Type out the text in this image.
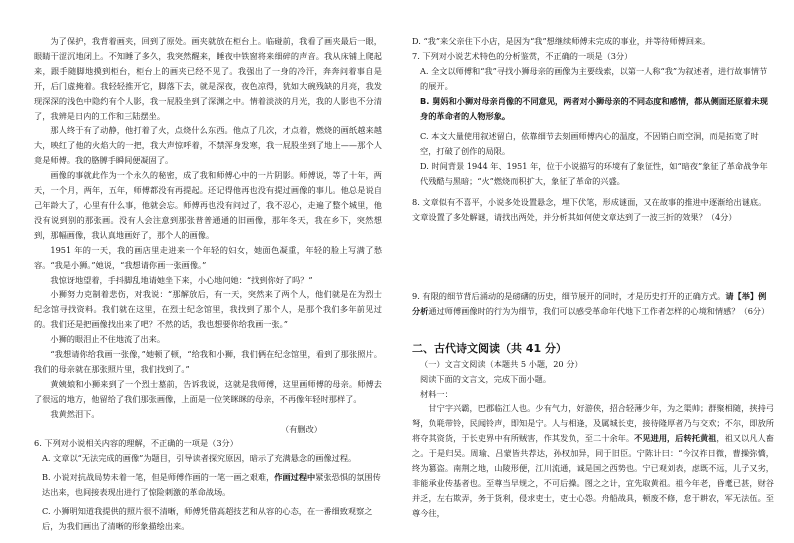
为了保护，我背着画夹，回到了原处。画夹就放在柜台上。临碰前，我看了画夹最后一眼，眼睛干涩沉地闭上。不知睡了多久，我突然醒来，睡夜中铁窗将来细碎的声音。我从床铺上爬起来，跟手随脚地摸到柜台，柜台上的画夹已经不见了。我强出了一身的冷汗，奔奔问着事自是开，后门虚掩着。我轻轻推开它，脚落下去，就是深夜，夜色凉得，犹如大碗残缺的月亮，我发现深深的浅色中隐约有个人影，我一屁股坐到了深渊之中。情着淡淡的月光，我的人影也不分清了，我辨是日内的工作和三陆摆坐。

那人终于有了动静，他打着了火，点烧什么东西。他点了几次，才点着，燃烧的画纸越来越大，映红了他的火焰大的一把，我大声惊呼着，不禁浑身发寒，我一屁股坐到了地上——那个人竟是师傅。我的胳膊手瞬间便凝固了。

画像的事就此作为一个永久的秘密，成了我和师傅心中的一片阴影。师傅说，等了十年，两天，一个月，两年，五年，师傅都没有再提起。还记得他再也没有提过画像的事儿。他总是说自己年龄大了，心里有什么事，他就会忘。师傅再也没有问过了，我不忍心，走遍了整个城里，他没有说到别的那张画。没有人会注意到那张普普通通的旧画像，那年冬天，我在乡下，突然想到，那幅画像，我认真地画好了，那个人的画像。

1951 年的一天，我的画店里走进来一个年轻的妇女，她面色凝重，年轻的脸上写满了愁容。“我是小狮。”她说，“我想请你画一张画像。”

我惊讶地望着，手抖脚乱地请她坐下来，小心地问她：“找到你好了吗？”

小狮努力克制着悲伤，对我说：“那解放后，有一天，突然来了两个人，他们就是在为烈士纪念馆寻找资料。我们就在这里，在烈士纪念馆里，我找到了那个人，是那个我们多年前见过的。我们还是把画像找出来了吧？不然的话，我也想要你给我画一张。”

小狮的眼泪止不住地流了出来。

“我想请你给我画一张像，”她顿了顿，“给我和小狮，我们俩在纪念馆里，看到了那张照片。我们的母亲就在那张照片里，我们找到了。”

黄姨娘和小狮来到了一个烈士墓前，告诉我说，这就是我师傅，这里画师傅的母亲。师傅去了很远的地方，他留给了我们那张画像，上面是一位笑眯眯的母亲，不再像年轻时那样了。

我黄然泪下。

（有删改）

6. 下列对小说相关内容的理解，不正确的一项是（3分）

A. 文章以“无法完成的画像”为题目，引导读者探究原因，暗示了充满悬念的画像过程。

B. 小说对抗战局势未着一笔，但是师傅作画的一笔一画之艰难，作画过程中紧张恐惧的氛围传达出来，也间接表现出进行了惊险刺激的革命战场。

C. 小狮明知道我提供的照片很不清晰，师傅凭借高超技艺和从容的心态，在一番细致观察之后，为我们画出了清晰的形象描绘出来。

D. “我”来父亲住下小店，是因为“我”想继续师傅未完成的事业，并等待师傅回来。

7. 下列对小说艺术特色的分析鉴赏，不正确的一项是（3分）

A. 全文以师傅和“我”寻找小狮母亲的画像为主要线索，以第一人称“我”为叙述者，进行故事情节的展开。

B. 舅妈和小狮对母亲肖像的不同意见，两者对小狮母亲的不同态度和感情，都从侧面还原着未现身的革命者的人物形象。

C. 本文大量使用叙述留白，依靠细节去刻画师傅内心的温度，不因销白而空洞，而是拓宽了时空，打破了创作的局限。

D. 时间背景 1944 年、1951 年，位于小说描写的环境有了象征性，如“暗夜”象征了革命战争年代残酷与黑暗；“火”燃烧而积扩大，象征了革命的兴盛。

8. 文章似有不喜平，小说多处设置悬念，埋下伏笔，形成谜面，又在故事的推进中逐渐给出谜底。文章设置了多处解谜，请找出两处，并分析其如何使文章达到了一波三折的效果？（4分）

9. 有限的细节背后涌动的是磅礴的历史，细节展开的同时，才是历史打开的正确方式。请【举】例分析通过师傅画像时的行为为细节，我们可以感受革命年代地下工作者怎样的心境和情感？（6分）

二、古代诗文阅读（共 41 分）

（一）文言文阅读（本题共 5 小题，20 分）

阅读下面的文言文，完成下面小题。

材料一：

甘宁字兴霸，巴郡临江人也。少有气力，好游侠，招合轻薄少年，为之渠帅；群聚相随，挟持弓弩，负毦带铃，民闻铃声，即知是宁。人与相逢，及属城长吏，接待隆厚者乃与交欢；不尔，即放所将夺其资货，于长吏界中有所贼害，作其发负，至二十余年。不见进用，后转托黄祖，祖又以凡人畜之。于是归吴。周瑜、吕蒙皆共荐达，孙权加异，同于旧臣。宁陈计曰：“今汉祚日微，曹操弥憍，终为篡盗。南荆之地，山陵形便，江川流通，诚是国之西势也。宁已观刘表，虑既不远，儿子又劣，非能承业传基者也。至尊当早规之，不可后操。图之之计，宜先取黄祖。祖今年老，昏耄已甚，财谷并乏，左右欺弄，务于货利，侵求吏士，吏士心怨。舟船战具，顿废不修，怠于耕农，军无法伍。至尊今往，
